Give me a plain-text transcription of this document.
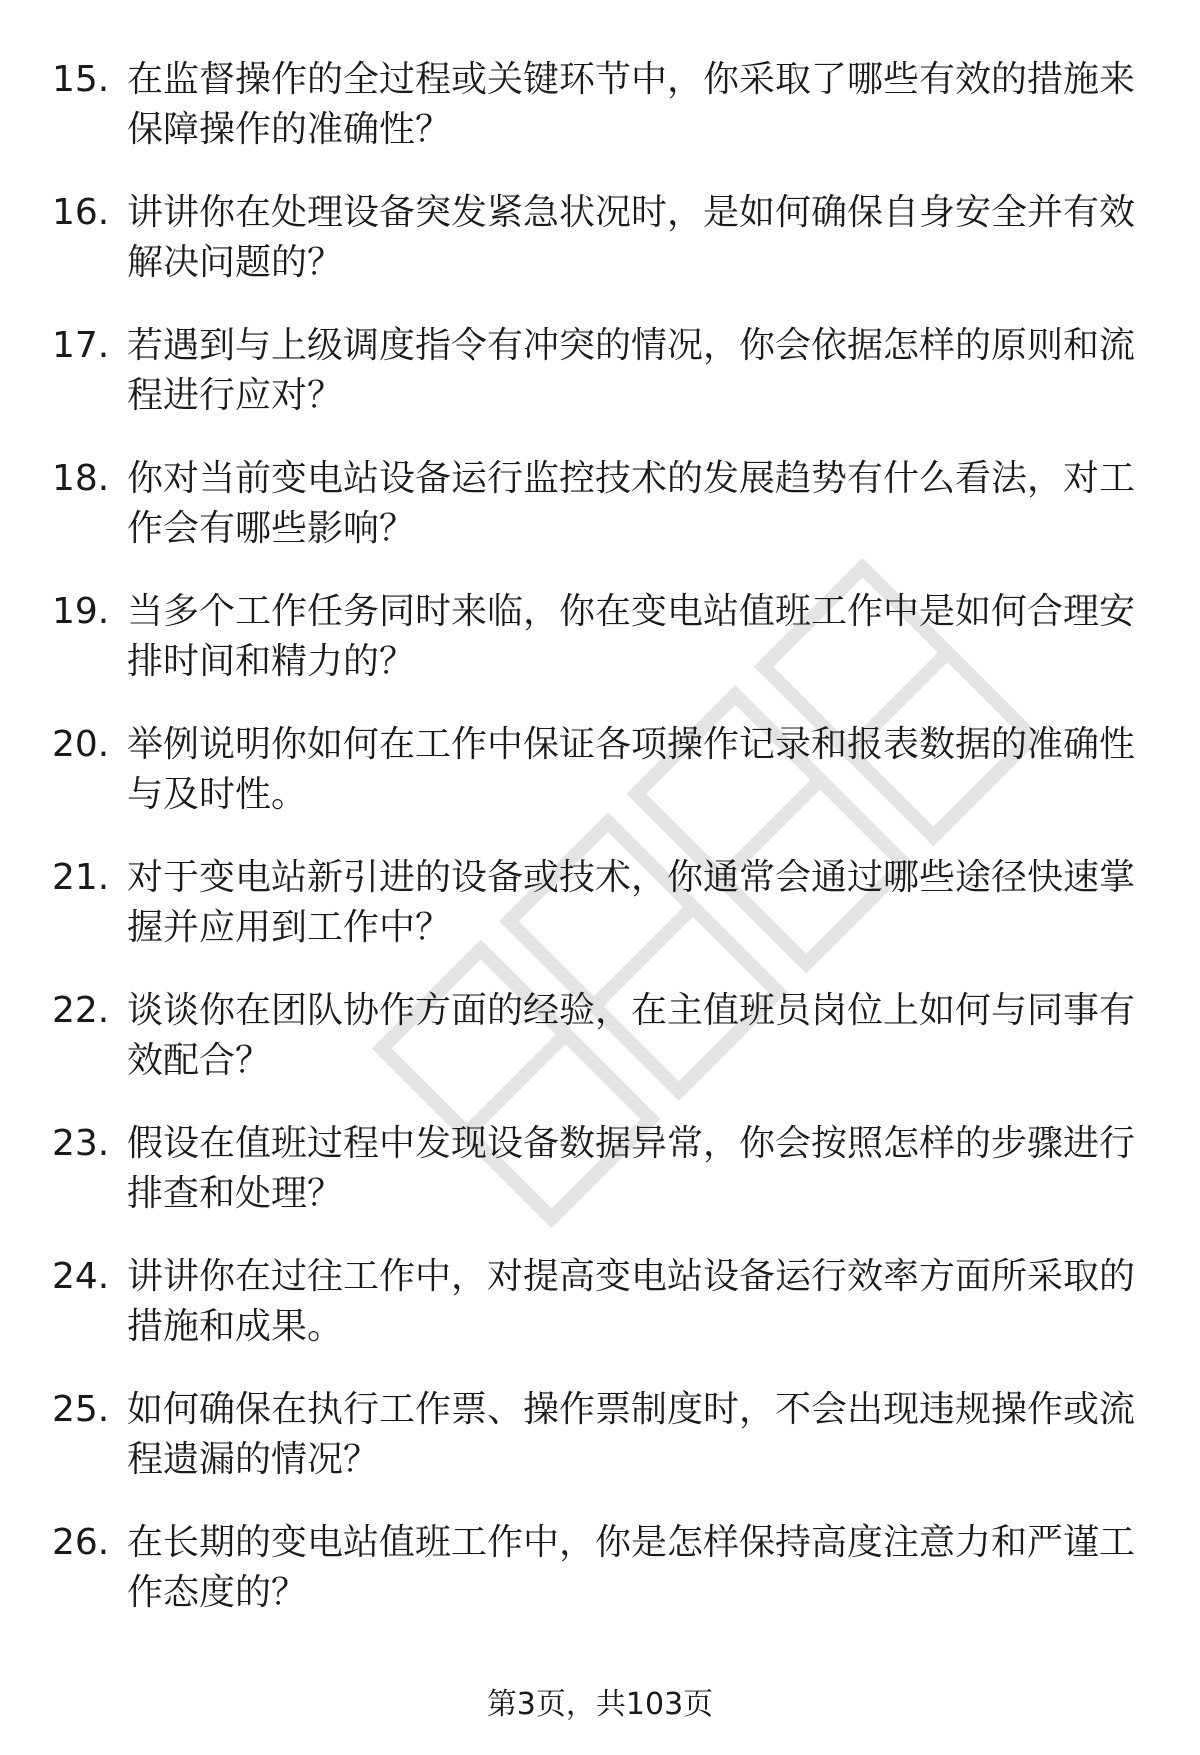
15. 在监督操作的全过程或关键环节中，你采取了哪些有效的措施来保障操作的准确性？
16. 讲讲你在处理设备突发紧急状况时，是如何确保自身安全并有效解决问题的？
17. 若遇到与上级调度指令有冲突的情况，你会依据怎样的原则和流程进行应对？
18. 你对当前变电站设备运行监控技术的发展趋势有什么看法，对工作会有哪些影响？
19. 当多个工作任务同时来临，你在变电站值班工作中是如何合理安排时间和精力的？
20. 举例说明你如何在工作中保证各项操作记录和报表数据的准确性与及时性。
21. 对于变电站新引进的设备或技术，你通常会通过哪些途径快速掌握并应用到工作中？
22. 谈谈你在团队协作方面的经验，在主值班员岗位上如何与同事有效配合？
23. 假设在值班过程中发现设备数据异常，你会按照怎样的步骤进行排查和处理？
24. 讲讲你在过往工作中，对提高变电站设备运行效率方面所采取的措施和成果。
25. 如何确保在执行工作票、操作票制度时，不会出现违规操作或流程遗漏的情况？
26. 在长期的变电站值班工作中，你是怎样保持高度注意力和严谨工作态度的？
第3页，共103页
